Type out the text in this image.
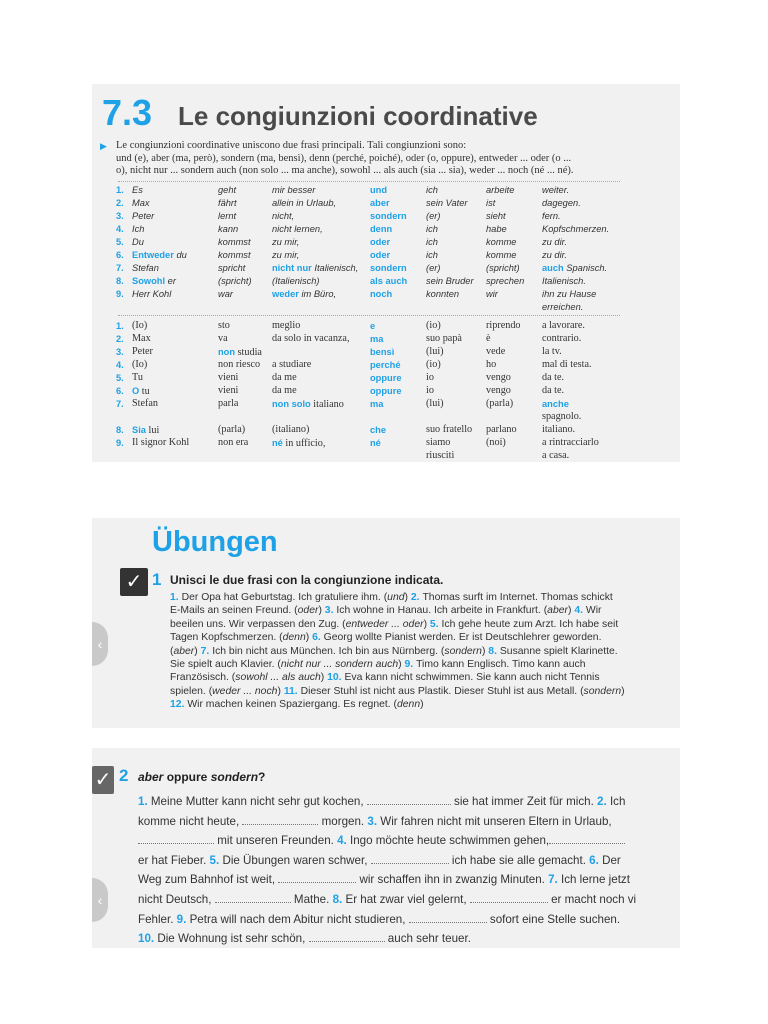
7.3 Le congiunzioni coordinative
▶ Le congiunzioni coordinative uniscono due frasi principali. Tali congiunzioni sono:
und (e), aber (ma, però), sondern (ma, bensì), denn (perché, poiché), oder (o, oppure), entweder ... oder (o ...
o), nicht nur ... sondern auch (non solo ... ma anche), sowohl ... als auch (sia ... sia), weder ... noch (né ... né).
1.	Es	geht	mir besser	und	ich	arbeite	weiter.
2.	Max	fährt	allein in Urlaub,	aber	sein Vater	ist	dagegen.
3.	Peter	lernt	nicht,	sondern	(er)	sieht	fern.
4.	Ich	kann	nicht lernen,	denn	ich	habe	Kopfschmerzen.
5.	Du	kommst	zu mir,	oder	ich	komme	zu dir.
6.	Entweder du	kommst	zu mir,	oder	ich	komme	zu dir.
7.	Stefan	spricht	nicht nur Italienisch,	sondern	(er)	(spricht)	auch Spanisch.
8.	Sowohl er	(spricht)	(Italienisch)	als auch	sein Bruder	sprechen	Italienisch.
9.	Herr Kohl	war	weder im Büro,	noch	konnten	wir	ihn zu Hause
							erreichen.
1.	(Io)	sto	meglio	e	(io)	riprendo	a lavorare.
2.	Max	va	da solo in vacanza,	ma	suo papà	è	contrario.
3.	Peter	non studia		bensì	(lui)	vede	la tv.
4.	(Io)	non riesco	a studiare	perché	(io)	ho	mal di testa.
5.	Tu	vieni	da me	oppure	io	vengo	da te.
6.	O tu	vieni	da me	oppure	io	vengo	da te.
7.	Stefan	parla	non solo italiano	ma	(lui)	(parla)	anche
							spagnolo.
8.	Sia lui	(parla)	(italiano)	che	suo fratello	parlano	italiano.
9.	Il signor Kohl	non era	né in ufficio,	né	siamo	(noi)	a rintracciarlo
					riusciti		a casa.
Übungen
✓ 1 Unisci le due frasi con la congiunzione indicata.
1. Der Opa hat Geburtstag. Ich gratuliere ihm. (und) 2. Thomas surft im Internet. Thomas schickt
E-Mails an seinen Freund. (oder) 3. Ich wohne in Hanau. Ich arbeite in Frankfurt. (aber) 4. Wir
beeilen uns. Wir verpassen den Zug. (entweder ... oder) 5. Ich gehe heute zum Arzt. Ich habe seit
Tagen Kopfschmerzen. (denn) 6. Georg wollte Pianist werden. Er ist Deutschlehrer geworden.
(aber) 7. Ich bin nicht aus München. Ich bin aus Nürnberg. (sondern) 8. Susanne spielt Klarinette.
Sie spielt auch Klavier. (nicht nur ... sondern auch) 9. Timo kann Englisch. Timo kann auch
Französisch. (sowohl ... als auch) 10. Eva kann nicht schwimmen. Sie kann auch nicht Tennis
spielen. (weder ... noch) 11. Dieser Stuhl ist nicht aus Plastik. Dieser Stuhl ist aus Metall. (sondern)
12. Wir machen keinen Spaziergang. Es regnet. (denn)
✓ 2 aber oppure sondern?
1. Meine Mutter kann nicht sehr gut kochen,	sie hat immer Zeit für mich. 2. Ich
komme nicht heute,	morgen. 3. Wir fahren nicht mit unseren Eltern in Urlaub,
mit unseren Freunden. 4. Ingo möchte heute schwimmen gehen,
er hat Fieber. 5. Die Übungen waren schwer,	ich habe sie alle gemacht. 6. Der
Weg zum Bahnhof ist weit,	wir schaffen ihn in zwanzig Minuten. 7. Ich lerne jetzt
nicht Deutsch,	Mathe. 8. Er hat zwar viel gelernt,	er macht noch vi
Fehler. 9. Petra will nach dem Abitur nicht studieren,	sofort eine Stelle suchen.
10. Die Wohnung ist sehr schön,	auch sehr teuer.
‹
‹
